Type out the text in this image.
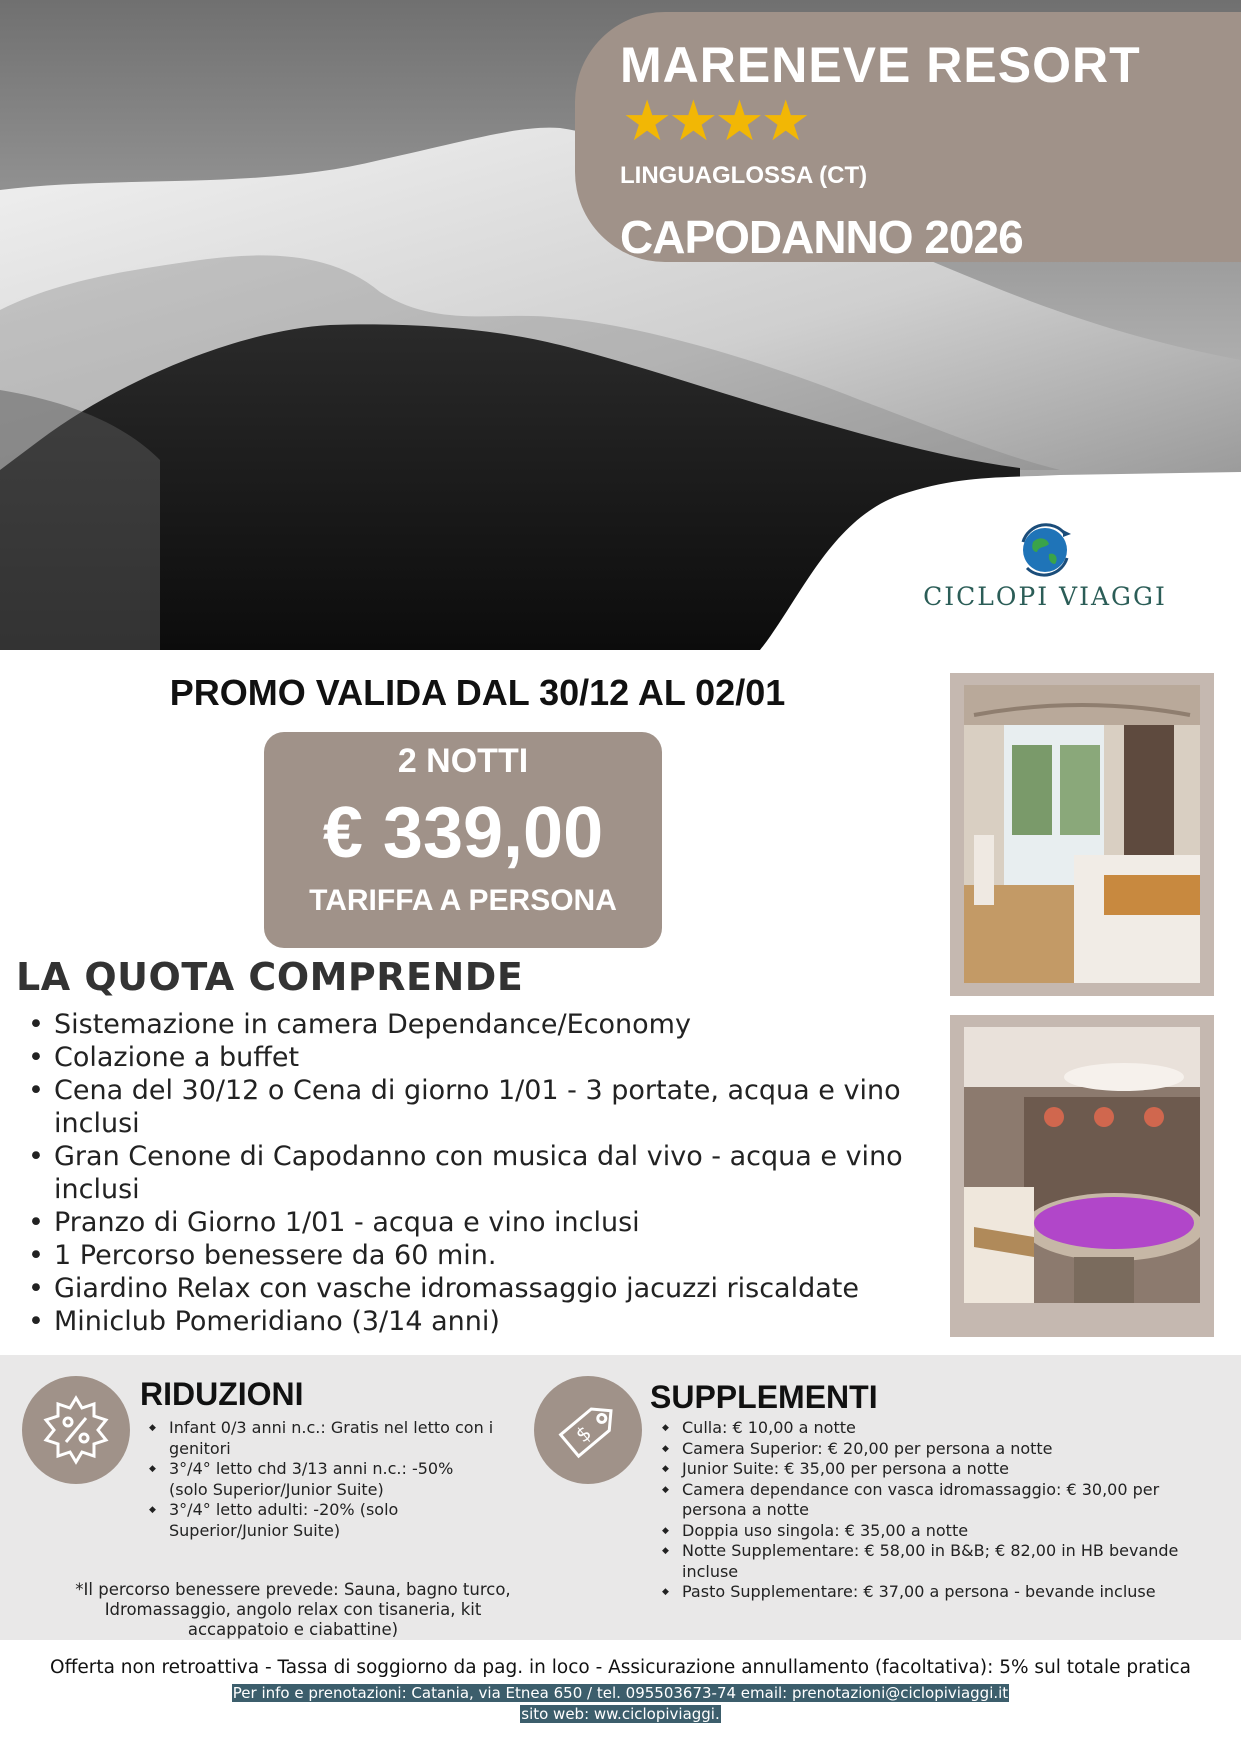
MARENEVE RESORT
★★★★
LINGUAGLOSSA (CT)
CAPODANNO 2026
CICLOPI VIAGGI
PROMO VALIDA DAL 30/12 AL 02/01
2 NOTTI
€ 339,00
TARIFFA A PERSONA
LA QUOTA COMPRENDE
• Sistemazione in camera Dependance/Economy
• Colazione a buffet
• Cena del 30/12 o Cena di giorno 1/01 - 3 portate, acqua e vino inclusi
• Gran Cenone di Capodanno con musica dal vivo - acqua e vino inclusi
• Pranzo di Giorno 1/01 - acqua e vino inclusi
• 1 Percorso benessere da 60 min.
• Giardino Relax con vasche idromassaggio jacuzzi riscaldate
• Miniclub Pomeridiano (3/14 anni)
RIDUZIONI
◆ Infant 0/3 anni n.c.: Gratis nel letto con i genitori
◆ 3°/4° letto chd 3/13 anni n.c.: -50% (solo Superior/Junior Suite)
◆ 3°/4° letto adulti: -20% (solo Superior/Junior Suite)
*Il percorso benessere prevede: Sauna, bagno turco, Idromassaggio, angolo relax con tisaneria, kit accappatoio e ciabattine)
$
SUPPLEMENTI
◆ Culla: € 10,00 a notte
◆ Camera Superior: € 20,00 per persona a notte
◆ Junior Suite: € 35,00 per persona a notte
◆ Camera dependance con vasca idromassaggio: € 30,00 per persona a notte
◆ Doppia uso singola: € 35,00 a notte
◆ Notte Supplementare: € 58,00 in B&B; € 82,00 in HB bevande incluse
◆ Pasto Supplementare: € 37,00 a persona - bevande incluse
Offerta non retroattiva - Tassa di soggiorno da pag. in loco - Assicurazione annullamento (facoltativa): 5% sul totale pratica
Per info e prenotazioni: Catania, via Etnea 650 / tel. 095503673-74 email: prenotazioni@ciclopiviaggi.it
sito web: ww.ciclopiviaggi.
